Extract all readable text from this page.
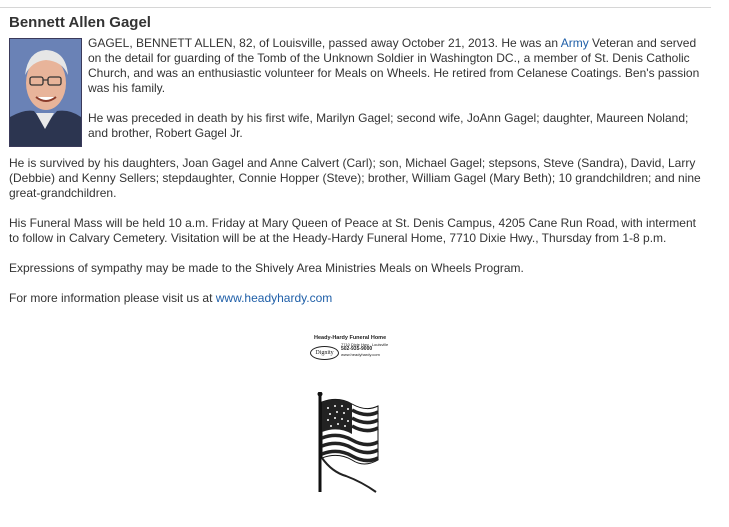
Bennett Allen Gagel

GAGEL, BENNETT ALLEN, 82, of Louisville, passed away October 21, 2013. He was an Army Veteran and served on the detail for guarding of the Tomb of the Unknown Soldier in Washington DC., a member of St. Denis Catholic Church, and was an enthusiastic volunteer for Meals on Wheels. He retired from Celanese Coatings. Ben's passion was his family.

He was preceded in death by his first wife, Marilyn Gagel; second wife, JoAnn Gagel; daughter, Maureen Noland; and brother, Robert Gagel Jr.

He is survived by his daughters, Joan Gagel and Anne Calvert (Carl); son, Michael Gagel; stepsons, Steve (Sandra), David, Larry (Debbie) and Kenny Sellers; stepdaughter, Connie Hopper (Steve); brother, William Gagel (Mary Beth); 10 grandchildren; and nine great-grandchildren.

His Funeral Mass will be held 10 a.m. Friday at Mary Queen of Peace at St. Denis Campus, 4205 Cane Run Road, with interment to follow in Calvary Cemetery. Visitation will be at the Heady-Hardy Funeral Home, 7710 Dixie Hwy., Thursday from 1-8 p.m.

Expressions of sympathy may be made to the Shively Area Ministries Meals on Wheels Program.

For more information please visit us at www.headyhardy.com

Heady-Hardy Funeral Home
Dignity
7710 Dixie Hwy., Louisville
502-935-9000
www.headyhardy.com
